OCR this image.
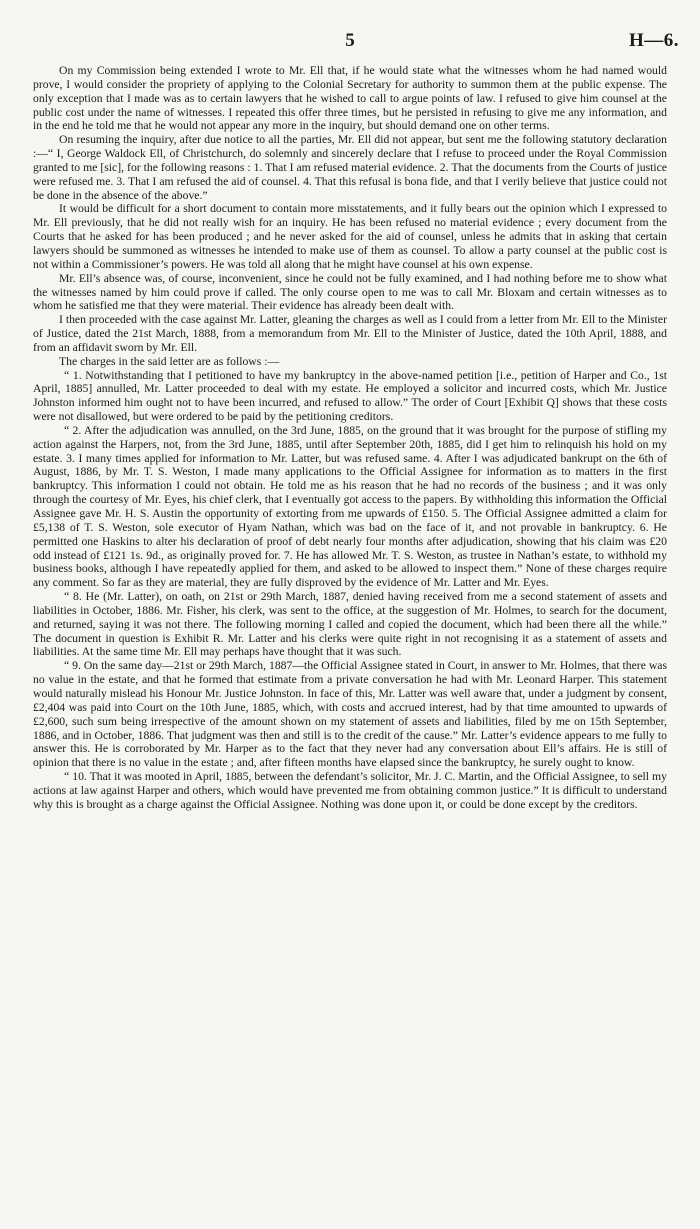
5	H—6.

On my Commission being extended I wrote to Mr. Ell that, if he would state what the witnesses whom he had named would prove, I would consider the propriety of applying to the Colonial Secretary for authority to summon them at the public expense. The only exception that I made was as to certain lawyers that he wished to call to argue points of law. I refused to give him counsel at the public cost under the name of witnesses. I repeated this offer three times, but he persisted in refusing to give me any information, and in the end he told me that he would not appear any more in the inquiry, but should demand one on other terms.

On resuming the inquiry, after due notice to all the parties, Mr. Ell did not appear, but sent me the following statutory declaration :—“ I, George Waldock Ell, of Christchurch, do solemnly and sincerely declare that I refuse to proceed under the Royal Commission granted to me [sic], for the following reasons : 1. That I am refused material evidence. 2. That the documents from the Courts of justice were refused me. 3. That I am refused the aid of counsel. 4. That this refusal is bona fide, and that I verily believe that justice could not be done in the absence of the above.”

It would be difficult for a short document to contain more misstatements, and it fully bears out the opinion which I expressed to Mr. Ell previously, that he did not really wish for an inquiry. He has been refused no material evidence ; every document from the Courts that he asked for has been produced ; and he never asked for the aid of counsel, unless he admits that in asking that certain lawyers should be summoned as witnesses he intended to make use of them as counsel. To allow a party counsel at the public cost is not within a Commissioner’s powers. He was told all along that he might have counsel at his own expense.

Mr. Ell’s absence was, of course, inconvenient, since he could not be fully examined, and I had nothing before me to show what the witnesses named by him could prove if called. The only course open to me was to call Mr. Bloxam and certain witnesses as to whom he satisfied me that they were material. Their evidence has already been dealt with.

I then proceeded with the case against Mr. Latter, gleaning the charges as well as I could from a letter from Mr. Ell to the Minister of Justice, dated the 21st March, 1888, from a memorandum from Mr. Ell to the Minister of Justice, dated the 10th April, 1888, and from an affidavit sworn by Mr. Ell.

The charges in the said letter are as follows :—

“ 1. Notwithstanding that I petitioned to have my bankruptcy in the above-named petition [i.e., petition of Harper and Co., 1st April, 1885] annulled, Mr. Latter proceeded to deal with my estate. He employed a solicitor and incurred costs, which Mr. Justice Johnston informed him ought not to have been incurred, and refused to allow.” The order of Court [Exhibit Q] shows that these costs were not disallowed, but were ordered to be paid by the petitioning creditors.

“ 2. After the adjudication was annulled, on the 3rd June, 1885, on the ground that it was brought for the purpose of stifling my action against the Harpers, not, from the 3rd June, 1885, until after September 20th, 1885, did I get him to relinquish his hold on my estate. 3. I many times applied for information to Mr. Latter, but was refused same. 4. After I was adjudicated bankrupt on the 6th of August, 1886, by Mr. T. S. Weston, I made many applications to the Official Assignee for information as to matters in the first bankruptcy. This information I could not obtain. He told me as his reason that he had no records of the business ; and it was only through the courtesy of Mr. Eyes, his chief clerk, that I eventually got access to the papers. By withholding this information the Official Assignee gave Mr. H. S. Austin the opportunity of extorting from me upwards of £150. 5. The Official Assignee admitted a claim for £5,138 of T. S. Weston, sole executor of Hyam Nathan, which was bad on the face of it, and not provable in bankruptcy. 6. He permitted one Haskins to alter his declaration of proof of debt nearly four months after adjudication, showing that his claim was £20 odd instead of £121 1s. 9d., as originally proved for. 7. He has allowed Mr. T. S. Weston, as trustee in Nathan’s estate, to withhold my business books, although I have repeatedly applied for them, and asked to be allowed to inspect them.” None of these charges require any comment. So far as they are material, they are fully disproved by the evidence of Mr. Latter and Mr. Eyes.

“ 8. He (Mr. Latter), on oath, on 21st or 29th March, 1887, denied having received from me a second statement of assets and liabilities in October, 1886. Mr. Fisher, his clerk, was sent to the office, at the suggestion of Mr. Holmes, to search for the document, and returned, saying it was not there. The following morning I called and copied the document, which had been there all the while.” The document in question is Exhibit R. Mr. Latter and his clerks were quite right in not recognising it as a statement of assets and liabilities. At the same time Mr. Ell may perhaps have thought that it was such.

“ 9. On the same day—21st or 29th March, 1887—the Official Assignee stated in Court, in answer to Mr. Holmes, that there was no value in the estate, and that he formed that estimate from a private conversation he had with Mr. Leonard Harper. This statement would naturally mislead his Honour Mr. Justice Johnston. In face of this, Mr. Latter was well aware that, under a judgment by consent, £2,404 was paid into Court on the 10th June, 1885, which, with costs and accrued interest, had by that time amounted to upwards of £2,600, such sum being irrespective of the amount shown on my statement of assets and liabilities, filed by me on 15th September, 1886, and in October, 1886. That judgment was then and still is to the credit of the cause.” Mr. Latter’s evidence appears to me fully to answer this. He is corroborated by Mr. Harper as to the fact that they never had any conversation about Ell’s affairs. He is still of opinion that there is no value in the estate ; and, after fifteen months have elapsed since the bankruptcy, he surely ought to know.

“ 10. That it was mooted in April, 1885, between the defendant’s solicitor, Mr. J. C. Martin, and the Official Assignee, to sell my actions at law against Harper and others, which would have prevented me from obtaining common justice.” It is difficult to understand why this is brought as a charge against the Official Assignee. Nothing was done upon it, or could be done except by the creditors.
